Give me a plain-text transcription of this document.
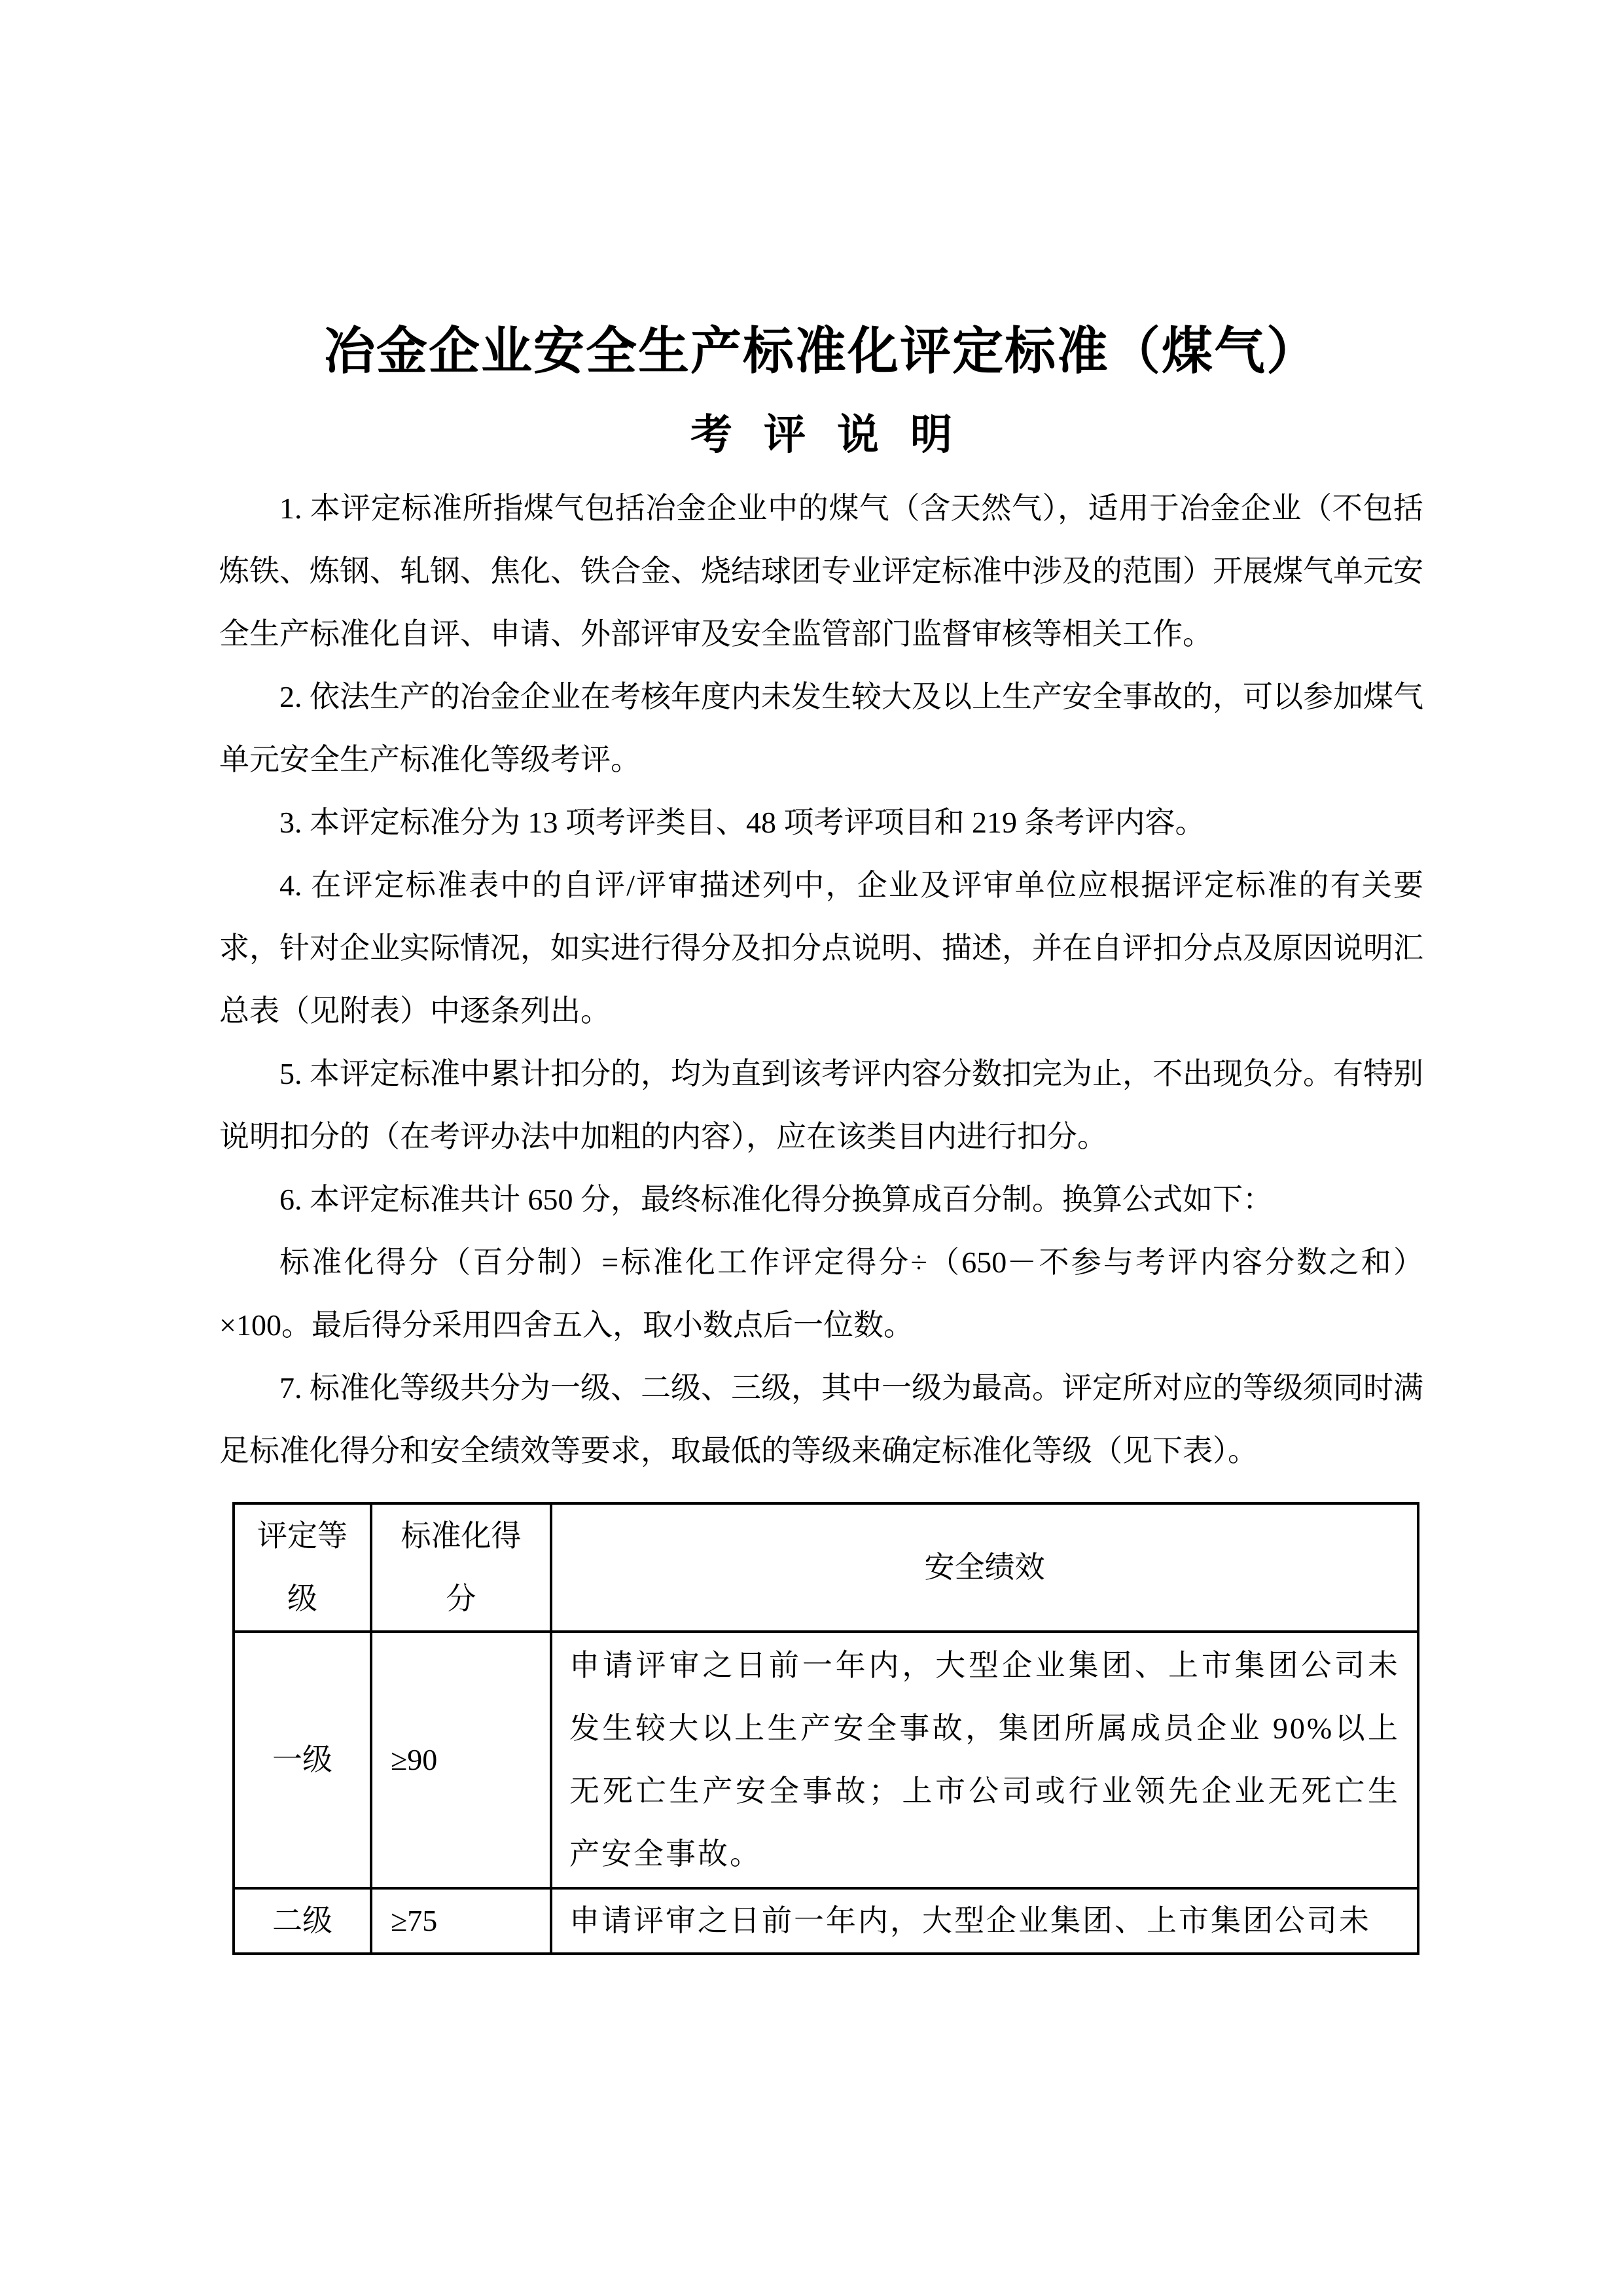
冶金企业安全生产标准化评定标准（煤气）
考 评 说 明

1. 本评定标准所指煤气包括冶金企业中的煤气（含天然气），适用于冶金企业（不包括炼铁、炼钢、轧钢、焦化、铁合金、烧结球团专业评定标准中涉及的范围）开展煤气单元安全生产标准化自评、申请、外部评审及安全监管部门监督审核等相关工作。

2. 依法生产的冶金企业在考核年度内未发生较大及以上生产安全事故的，可以参加煤气单元安全生产标准化等级考评。

3. 本评定标准分为 13 项考评类目、48 项考评项目和 219 条考评内容。

4. 在评定标准表中的自评/评审描述列中，企业及评审单位应根据评定标准的有关要求，针对企业实际情况，如实进行得分及扣分点说明、描述，并在自评扣分点及原因说明汇总表（见附表）中逐条列出。

5. 本评定标准中累计扣分的，均为直到该考评内容分数扣完为止，不出现负分。有特别说明扣分的（在考评办法中加粗的内容），应在该类目内进行扣分。

6. 本评定标准共计 650 分，最终标准化得分换算成百分制。换算公式如下：

标准化得分（百分制）=标准化工作评定得分÷（650－不参与考评内容分数之和）×100。最后得分采用四舍五入，取小数点后一位数。

7. 标准化等级共分为一级、二级、三级，其中一级为最高。评定所对应的等级须同时满足标准化得分和安全绩效等要求，取最低的等级来确定标准化等级（见下表）。

评定等级	标准化得分	安全绩效
一级	≥90	申请评审之日前一年内，大型企业集团、上市集团公司未发生较大以上生产安全事故，集团所属成员企业 90%以上无死亡生产安全事故；上市公司或行业领先企业无死亡生产安全事故。
二级	≥75	申请评审之日前一年内，大型企业集团、上市集团公司未
